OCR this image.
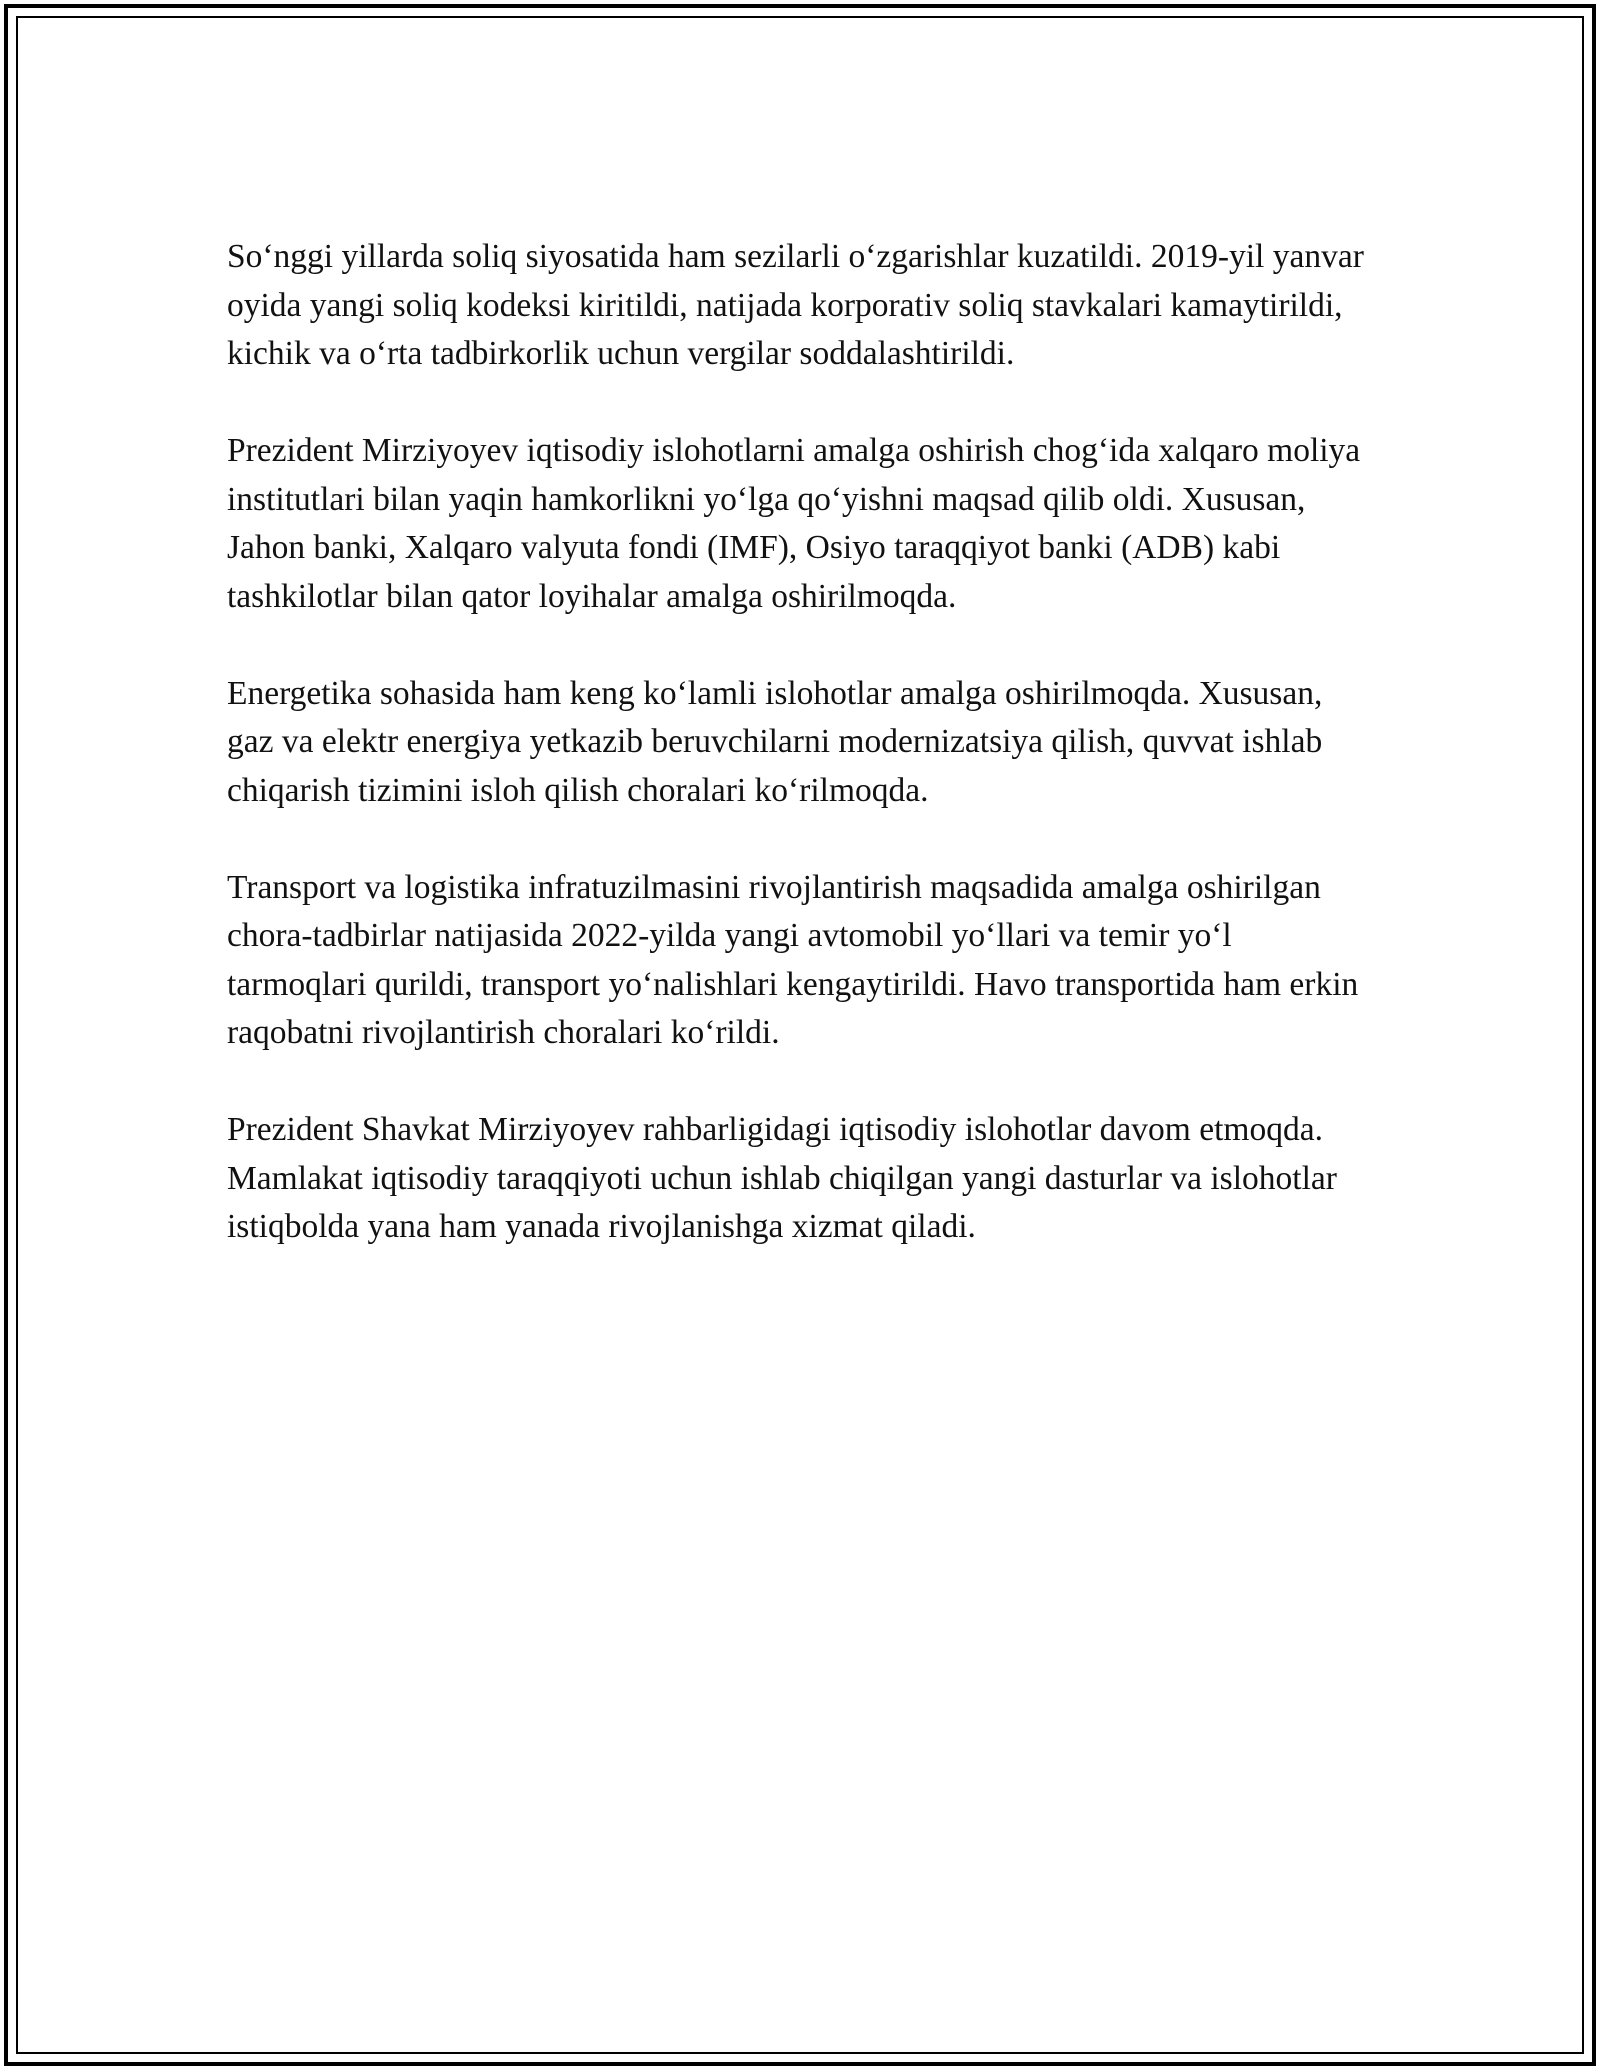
So‘nggi yillarda soliq siyosatida ham sezilarli o‘zgarishlar kuzatildi. 2019-yil yanvar oyida yangi soliq kodeksi kiritildi, natijada korporativ soliq stavkalari kamaytirildi, kichik va o‘rta tadbirkorlik uchun vergilar soddalashtirildi.

Prezident Mirziyoyev iqtisodiy islohotlarni amalga oshirish chog‘ida xalqaro moliya institutlari bilan yaqin hamkorlikni yo‘lga qo‘yishni maqsad qilib oldi. Xususan, Jahon banki, Xalqaro valyuta fondi (IMF), Osiyo taraqqiyot banki (ADB) kabi tashkilotlar bilan qator loyihalar amalga oshirilmoqda.

Energetika sohasida ham keng ko‘lamli islohotlar amalga oshirilmoqda. Xususan, gaz va elektr energiya yetkazib beruvchilarni modernizatsiya qilish, quvvat ishlab chiqarish tizimini isloh qilish choralari ko‘rilmoqda.

Transport va logistika infratuzilmasini rivojlantirish maqsadida amalga oshirilgan chora-tadbirlar natijasida 2022-yilda yangi avtomobil yo‘llari va temir yo‘l tarmoqlari qurildi, transport yo‘nalishlari kengaytirildi. Havo transportida ham erkin raqobatni rivojlantirish choralari ko‘rildi.

Prezident Shavkat Mirziyoyev rahbarligidagi iqtisodiy islohotlar davom etmoqda. Mamlakat iqtisodiy taraqqiyoti uchun ishlab chiqilgan yangi dasturlar va islohotlar istiqbolda yana ham yanada rivojlanishga xizmat qiladi.
